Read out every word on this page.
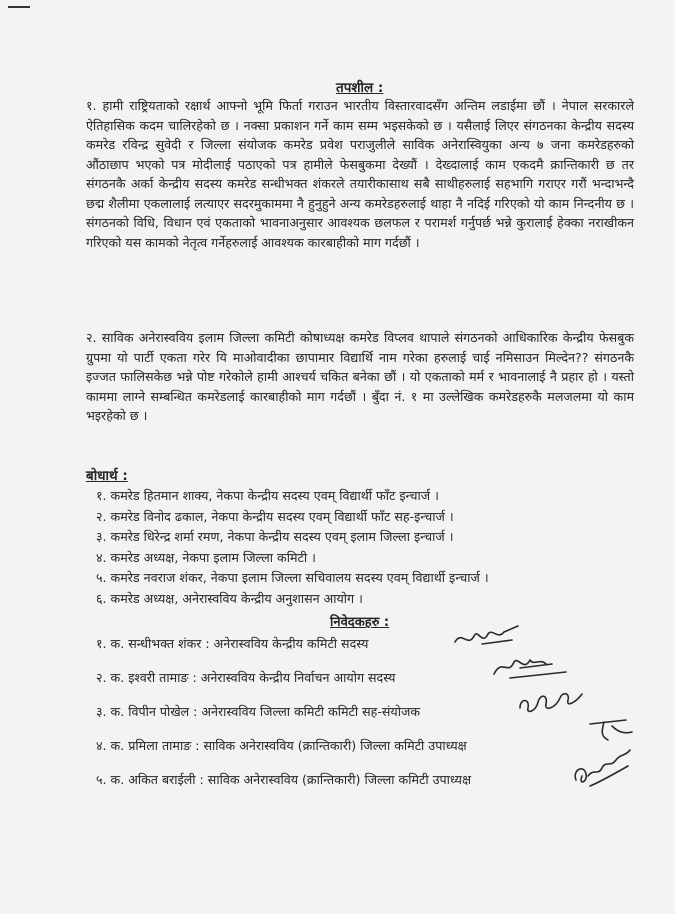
तपशील :

१. हामी राष्ट्रियताको रक्षार्थ आफ्नो भूमि फिर्ता गराउन भारतीय विस्तारवादसँग अन्तिम लडाईमा छौं । नेपाल सरकारले ऐतिहासिक कदम चालिरहेको छ । नक्सा प्रकाशन गर्ने काम सम्म भइसकेको छ । यसैलाई लिएर संगठनका केन्द्रीय सदस्य कमरेड रविन्द्र सुवेदी र जिल्ला संयोजक कमरेड प्रवेश पराजुलीले साविक अनेरास्वियुका अन्य ७ जना कमरेडहरुको औंठाछाप भएको पत्र मोदीलाई पठाएको पत्र हामीले फेसबुकमा देख्यौं । देख्दालाई काम एकदमै क्रान्तिकारी छ तर संगठनकै अर्का केन्द्रीय सदस्य कमरेड सन्धीभक्त शंकरले तयारीकासाथ सबै साथीहरुलाई सहभागि गराएर गरौं भन्दाभन्दै छद्म शैलीमा एकलालाई लत्याएर सदरमुकाममा नै हुनुहुने अन्य कमरेडहरुलाई थाहा नै नदिई गरिएको यो काम निन्दनीय छ । संगठनको विधि, विधान एवं एकताको भावनाअनुसार आवश्यक छलफल र परामर्श गर्नुपर्छ भन्ने कुरालाई हेक्का नराखीकन गरिएको यस कामको नेतृत्व गर्नेहरुलाई आवश्यक कारबाहीको माग गर्दछौं ।

२. साविक अनेरास्वविय इलाम जिल्ला कमिटी कोषाध्यक्ष कमरेड विप्लव थापाले संगठनको आधिकारिक केन्द्रीय फेसबुक ग्रुपमा यो पार्टी एकता गरेर यि माओवादीका छापामार विद्यार्थि नाम गरेका हरुलाई चाई नमिसाउन मिल्देन?? संगठनकै इज्जत फालिसकेछ भन्ने पोष्ट गरेकोले हामी आश्चर्य चकित बनेका छौं । यो एकताको मर्म र भावनालाई नै प्रहार हो । यस्तो काममा लाग्ने सम्बन्धित कमरेडलाई कारबाहीको माग गर्दछौं । बुँदा नं. १ मा उल्लेखिक कमरेडहरुकै मलजलमा यो काम भइरहेको छ ।

बोधार्थ :
१. कमरेड हितमान शाक्य, नेकपा केन्द्रीय सदस्य एवम् विद्यार्थी फाँट इन्चार्ज ।
२. कमरेड विनोद ढकाल, नेकपा केन्द्रीय सदस्य एवम् विद्यार्थी फाँट सह-इन्चार्ज ।
३. कमरेड धिरेन्द्र शर्मा रमण, नेकपा केन्द्रीय सदस्य एवम् इलाम जिल्ला इन्चार्ज ।
४. कमरेड अध्यक्ष, नेकपा इलाम जिल्ला कमिटी ।
५. कमरेड नवराज शंकर, नेकपा इलाम जिल्ला सचिवालय सदस्य एवम् विद्यार्थी इन्चार्ज ।
६. कमरेड अध्यक्ष, अनेरास्वविय केन्द्रीय अनुशासन आयोग ।
निवेदकहरु :
१. क. सन्धीभक्त शंकर : अनेरास्वविय केन्द्रीय कमिटी सदस्य
२. क. इश्वरी तामाङ : अनेरास्वविय केन्द्रीय निर्वाचन आयोग सदस्य
३. क. विपीन पोखेल : अनेरास्वविय जिल्ला कमिटी कमिटी सह-संयोजक
४. क. प्रमिला तामाङ : साविक अनेरास्वविय (क्रान्तिकारी) जिल्ला कमिटी उपाध्यक्ष
५. क. अकित बराईली : साविक अनेरास्वविय (क्रान्तिकारी) जिल्ला कमिटी उपाध्यक्ष
